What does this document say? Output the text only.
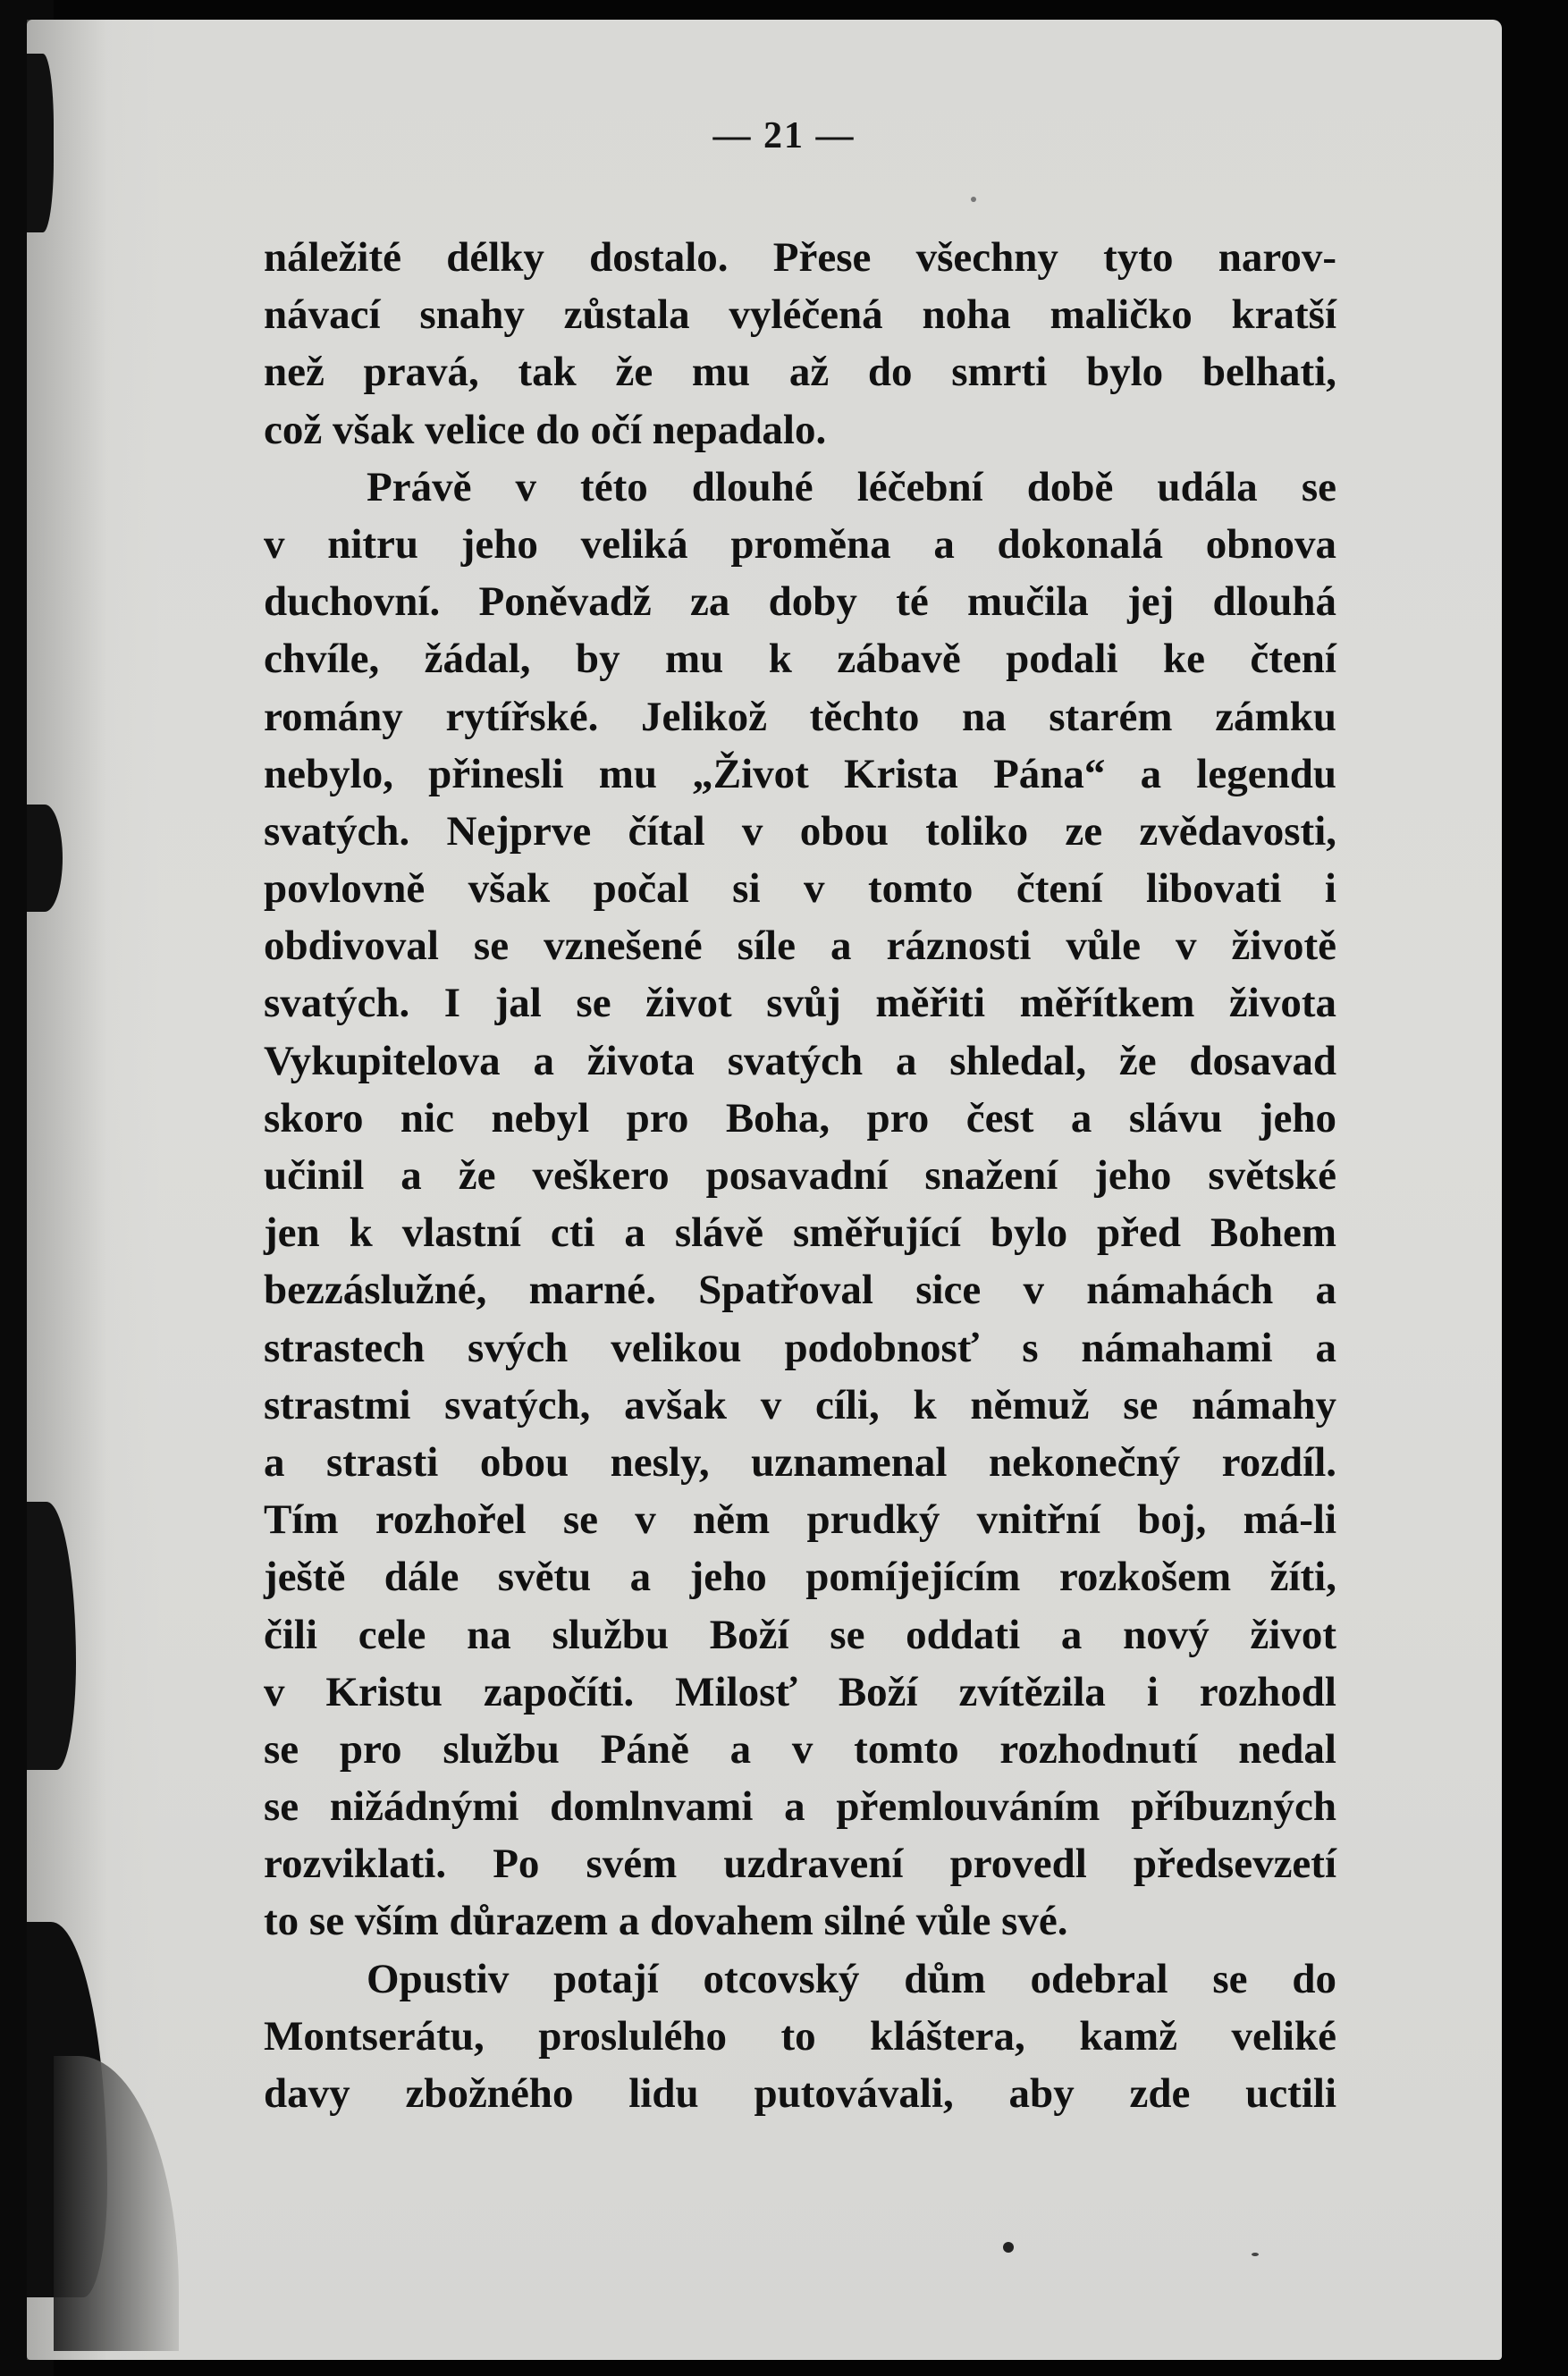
— 21 —
náležité délky dostalo. Přese všechny tyto narov-
návací snahy zůstala vyléčená noha maličko kratší
než pravá, tak že mu až do smrti bylo belhati,
což však velice do očí nepadalo.
Právě v této dlouhé léčební době udála se
v nitru jeho veliká proměna a dokonalá obnova
duchovní. Poněvadž za doby té mučila jej dlouhá
chvíle, žádal, by mu k zábavě podali ke čtení
romány rytířské. Jelikož těchto na starém zámku
nebylo, přinesli mu „Život Krista Pána“ a legendu
svatých. Nejprve čítal v obou toliko ze zvědavosti,
povlovně však počal si v tomto čtení libovati i
obdivoval se vznešené síle a ráznosti vůle v životě
svatých. I jal se život svůj měřiti měřítkem života
Vykupitelova a života svatých a shledal, že dosavad
skoro nic nebyl pro Boha, pro čest a slávu jeho
učinil a že veškero posavadní snažení jeho světské
jen k vlastní cti a slávě směřující bylo před Bohem
bezzáslužné, marné. Spatřoval sice v námahách a
strastech svých velikou podobnosť s námahami a
strastmi svatých, avšak v cíli, k němuž se námahy
a strasti obou nesly, uznamenal nekonečný rozdíl.
Tím rozhořel se v něm prudký vnitřní boj, má-li
ještě dále světu a jeho pomíjejícím rozkošem žíti,
čili cele na službu Boží se oddati a nový život
v Kristu započíti. Milosť Boží zvítězila i rozhodl
se pro službu Páně a v tomto rozhodnutí nedal
se nižádnými domlnvami a přemlouváním příbuzných
rozviklati. Po svém uzdravení provedl předsevzetí
to se vším důrazem a dovahem silné vůle své.
Opustiv potají otcovský dům odebral se do
Montserátu, proslulého to kláštera, kamž veliké
davy zbožného lidu putovávali, aby zde uctili
